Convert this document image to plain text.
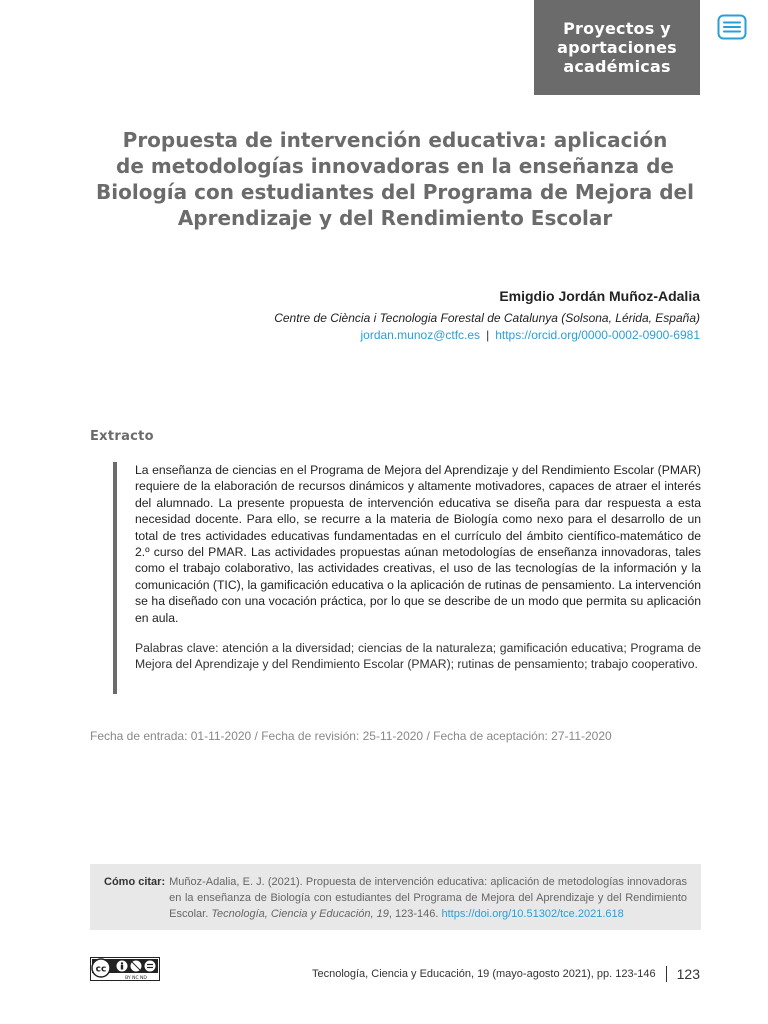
Proyectos y
aportaciones
académicas
Propuesta de intervención educativa: aplicación
de metodologías innovadoras en la enseñanza de
Biología con estudiantes del Programa de Mejora del
Aprendizaje y del Rendimiento Escolar
Emigdio Jordán Muñoz-Adalia
Centre de Ciència i Tecnologia Forestal de Catalunya (Solsona, Lérida, España)
jordan.munoz@ctfc.es | https://orcid.org/0000-0002-0900-6981
Extracto

La enseñanza de ciencias en el Programa de Mejora del Aprendizaje y del Rendimiento Escolar (PMAR) requiere de la elaboración de recursos dinámicos y altamente motivadores, capaces de atraer el interés del alumnado. La presente propuesta de intervención educativa se diseña para dar respuesta a esta necesidad docente. Para ello, se recurre a la materia de Biología como nexo para el desarrollo de un total de tres actividades educativas fundamentadas en el currículo del ámbito científico-matemático de 2.º curso del PMAR. Las actividades propuestas aúnan metodologías de enseñanza innovadoras, tales como el trabajo colaborativo, las actividades creativas, el uso de las tecnologías de la información y la comunicación (TIC), la gamificación educativa o la aplicación de rutinas de pensamiento. La intervención se ha diseñado con una vocación práctica, por lo que se describe de un modo que permita su aplicación en aula.

Palabras clave: atención a la diversidad; ciencias de la naturaleza; gamificación educativa; Programa de Mejora del Aprendizaje y del Rendimiento Escolar (PMAR); rutinas de pensamiento; trabajo cooperativo.

Fecha de entrada: 01-11-2020 / Fecha de revisión: 25-11-2020 / Fecha de aceptación: 27-11-2020
Cómo citar: Muñoz-Adalia, E. J. (2021). Propuesta de intervención educativa: aplicación de metodologías innovadoras en la enseñanza de Biología con estudiantes del Programa de Mejora del Aprendizaje y del Rendimiento Escolar. Tecnología, Ciencia y Educación, 19, 123-146. https://doi.org/10.51302/tce.2021.618
cc
BY NC ND	Tecnología, Ciencia y Educación, 19 (mayo-agosto 2021), pp. 123-146 123
